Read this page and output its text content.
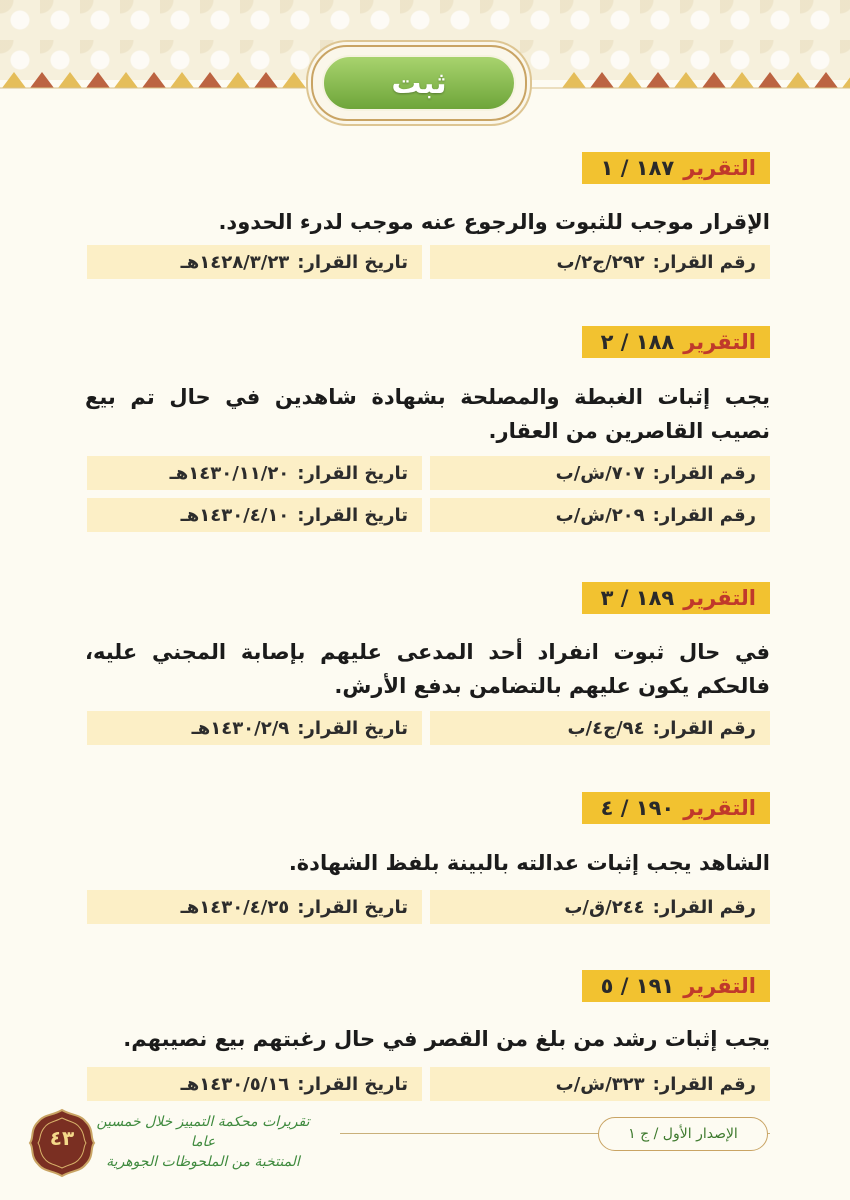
ثبت
التقرير
١٨٧ / ١
الإقرار موجب للثبوت والرجوع عنه موجب لدرء الحدود.
رقم القرار:
٢٩٢/ج٢/ب
تاريخ القرار:
١٤٢٨/٣/٢٣هـ
التقرير
١٨٨ / ٢
يجب إثبات الغبطة والمصلحة بشهادة شاهدين في حال تم بيع نصيب القاصرين من العقار.
رقم القرار:
٧٠٧/ش/ب
تاريخ القرار:
١٤٣٠/١١/٢٠هـ
رقم القرار:
٢٠٩/ش/ب
تاريخ القرار:
١٤٣٠/٤/١٠هـ
التقرير
١٨٩ / ٣
في حال ثبوت انفراد أحد المدعى عليهم بإصابة المجني عليه، فالحكم يكون عليهم بالتضامن بدفع الأرش.
رقم القرار:
٩٤/ج٤/ب
تاريخ القرار:
١٤٣٠/٢/٩هـ
التقرير
١٩٠ / ٤
الشاهد يجب إثبات عدالته بالبينة بلفظ الشهادة.
رقم القرار:
٢٤٤/ق/ب
تاريخ القرار:
١٤٣٠/٤/٢٥هـ
التقرير
١٩١ / ٥
يجب إثبات رشد من بلغ من القصر في حال رغبتهم بيع نصيبهم.
رقم القرار:
٣٢٣/ش/ب
تاريخ القرار:
١٤٣٠/٥/١٦هـ
الإصدار الأول / ج ١
تقريرات محكمة التمييز خلال خمسين عاما
المنتخبة من الملحوظات الجوهرية
٤٣
